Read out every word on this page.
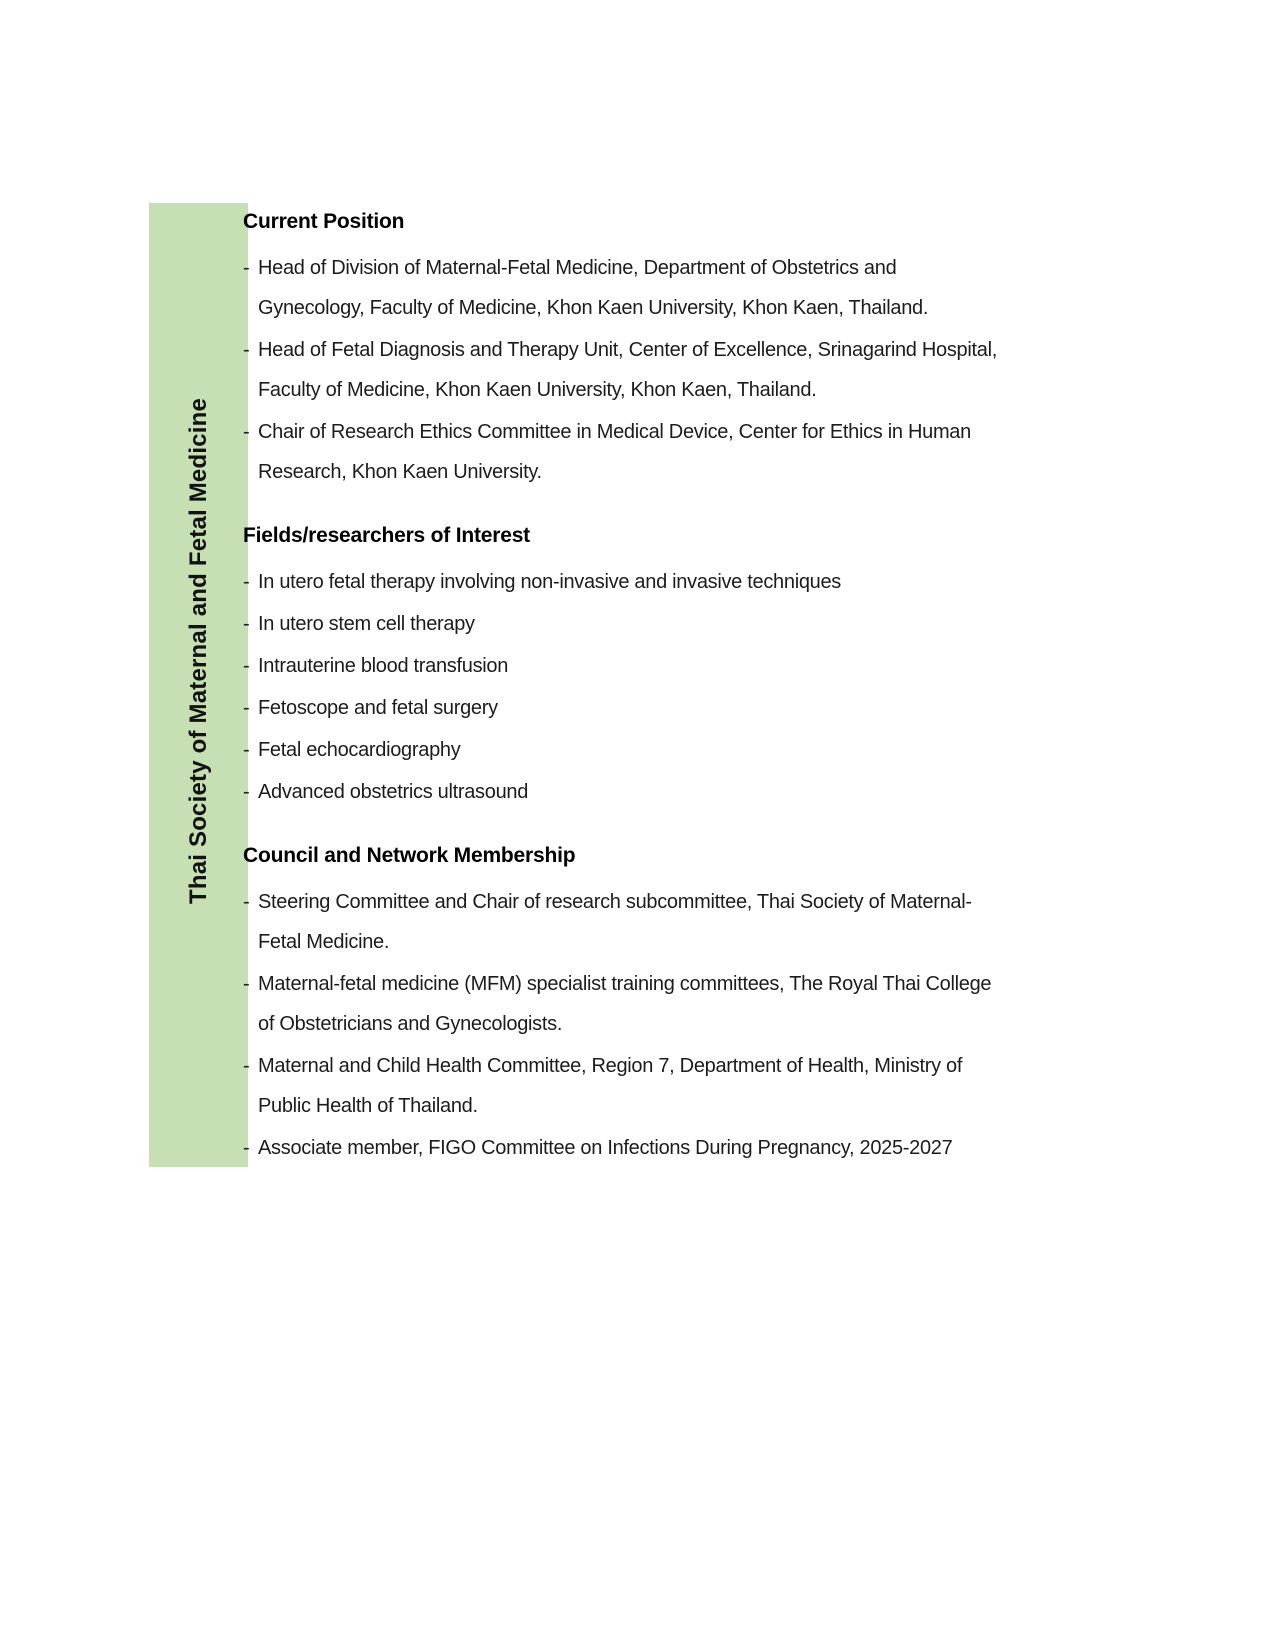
Thai Society of Maternal and Fetal Medicine
Current Position
- Head of Division of Maternal-Fetal Medicine, Department of Obstetrics and
Gynecology, Faculty of Medicine, Khon Kaen University, Khon Kaen, Thailand.
- Head of Fetal Diagnosis and Therapy Unit, Center of Excellence, Srinagarind Hospital,
Faculty of Medicine, Khon Kaen University, Khon Kaen, Thailand.
- Chair of Research Ethics Committee in Medical Device, Center for Ethics in Human
Research, Khon Kaen University.
Fields/researchers of Interest
- In utero fetal therapy involving non-invasive and invasive techniques
- In utero stem cell therapy
- Intrauterine blood transfusion
- Fetoscope and fetal surgery
- Fetal echocardiography
- Advanced obstetrics ultrasound
Council and Network Membership
- Steering Committee and Chair of research subcommittee, Thai Society of Maternal-
Fetal Medicine.
- Maternal-fetal medicine (MFM) specialist training committees, The Royal Thai College
of Obstetricians and Gynecologists.
- Maternal and Child Health Committee, Region 7, Department of Health, Ministry of
Public Health of Thailand.
- Associate member, FIGO Committee on Infections During Pregnancy, 2025-2027
